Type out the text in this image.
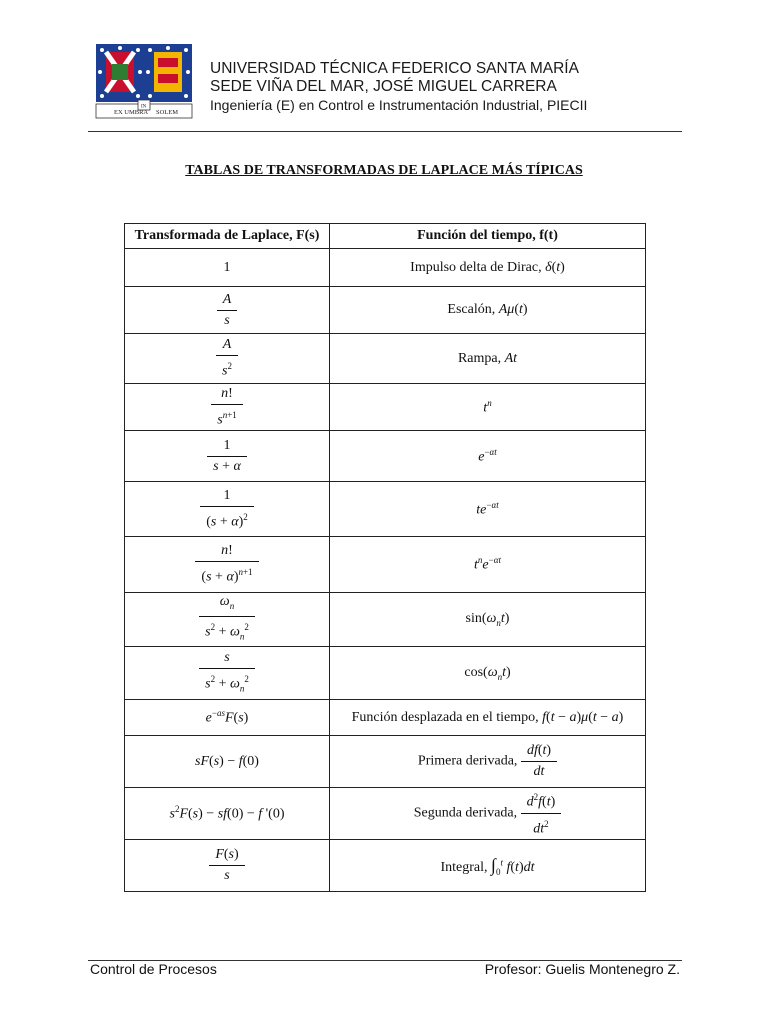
EX UMBRA
IN
SOLEM
UNIVERSIDAD TÉCNICA FEDERICO SANTA MARÍA
SEDE VIÑA DEL MAR, JOSÉ MIGUEL CARRERA
Ingeniería (E) en Control e Instrumentación Industrial, PIECII
TABLAS DE TRANSFORMADAS DE LAPLACE MÁS TÍPICAS
Transformada de Laplace, F(s)	Función del tiempo, f(t)
1	Impulso delta de Dirac, δ(t)

$\frac{A}{s}$	Escalón, Aμ(t)

$\frac{A}{s^2}$	Rampa, At

$\frac{n!}{s^{n+1}}$	$t^n$

$\frac{1}{s + \alpha}$	$e^{-\alpha t}$

$\frac{1}{(s + \alpha)^2}$	$te^{-\alpha t}$

$\frac{n!}{(s + \alpha)^{n+1}}$	$t^ne^{-\alpha t}$

$\frac{\omega_n}{s^2 + \omega_n^2}$	$\sin(\omega_nt)$

$\frac{s}{s^2 + \omega_n^2}$	$\cos(\omega_nt)$
$e^{-as}F(s)$	Función desplazada en el tiempo, f(t − a)μ(t − a)
sF(s) − f(0)	Primera derivada, $\frac{df(t)}{dt}$

$s^2F(s) - sf(0) - f$ '(0)	Segunda derivada, $\frac{d^2f(t)}{dt^2}$

$\frac{F(s)}{s}$	Integral, $\int_0^t$ f(t)dt
Control de Procesos	Profesor: Guelis Montenegro Z.
